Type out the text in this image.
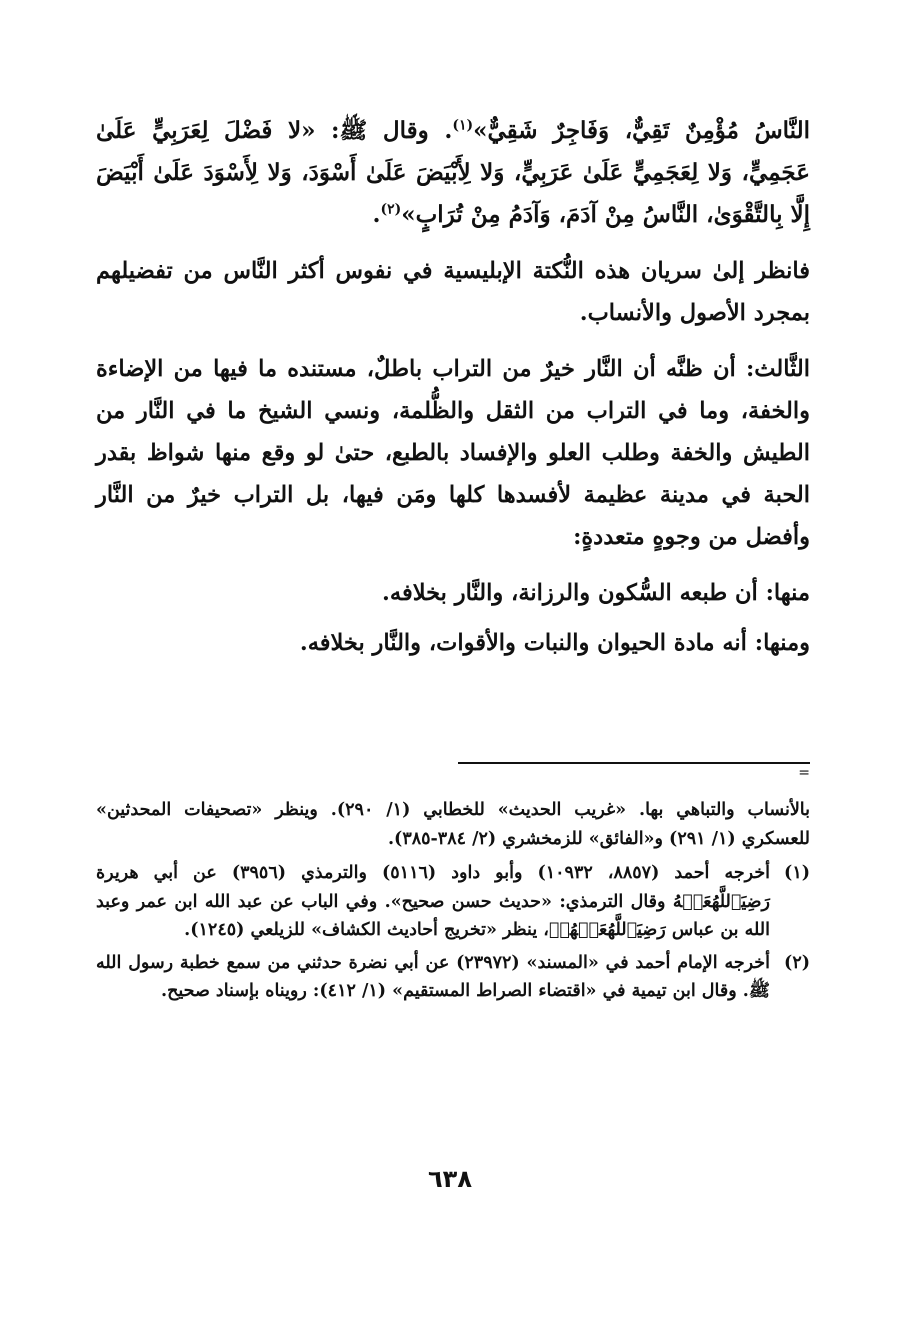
النَّاسُ مُؤْمِنٌ تَقِيٌّ، وَفَاجِرٌ شَقِيٌّ»$^{(١)}$. وقال ﷺ: «لا فَضْلَ لِعَرَبِيٍّ عَلَىٰ عَجَمِيٍّ، وَلا لِعَجَمِيٍّ عَلَىٰ عَرَبِيٍّ، وَلا لِأَبْيَضَ عَلَىٰ أَسْوَدَ، وَلا لِأَسْوَدَ عَلَىٰ أَبْيَضَ إِلَّا بِالتَّقْوَىٰ، النَّاسُ مِنْ آدَمَ، وَآدَمُ مِنْ تُرَابٍ»$^{(٢)}$.

فانظر إلىٰ سريان هذه النُّكتة الإبليسية في نفوس أكثر النَّاس من تفضيلهم بمجرد الأصول والأنساب.

الثَّالث: أن ظنَّه أن النَّار خيرٌ من التراب باطلٌ، مستنده ما فيها من الإضاءة والخفة، وما في التراب من الثقل والظُّلمة، ونسي الشيخ ما في النَّار من الطيش والخفة وطلب العلو والإفساد بالطبع، حتىٰ لو وقع منها شواظ بقدر الحبة في مدينة عظيمة لأفسدها كلها ومَن فيها، بل التراب خيرٌ من النَّار وأفضل من وجوهٍ متعددةٍ:

منها: أن طبعه السُّكون والرزانة، والنَّار بخلافه.

ومنها: أنه مادة الحيوان والنبات والأقوات، والنَّار بخلافه.

=

بالأنساب والتباهي بها. «غريب الحديث» للخطابي (١/ ٢٩٠). وينظر «تصحيفات المحدثين» للعسكري (١/ ٢٩١) و«الفائق» للزمخشري (٢/ ٣٨٤-٣٨٥).

(١)
أخرجه أحمد (٨٨٥٧، ١٠٩٣٢) وأبو داود (٥١١٦) والترمذي (٣٩٥٦) عن أبي هريرة رَضِيَٱللَّهُعَنۡهُ وقال الترمذي: «حديث حسن صحيح». وفي الباب عن عبد الله ابن عمر وعبد الله بن عباس رَضِيَٱللَّهُعَنۡهُمۡ، ينظر «تخريج أحاديث الكشاف» للزيلعي (١٢٤٥).
(٢)
أخرجه الإمام أحمد في «المسند» (٢٣٩٧٢) عن أبي نضرة حدثني من سمع خطبة رسول الله ﷺ. وقال ابن تيمية في «اقتضاء الصراط المستقيم» (١/ ٤١٢): رويناه بإسناد صحيح.
٦٣٨
